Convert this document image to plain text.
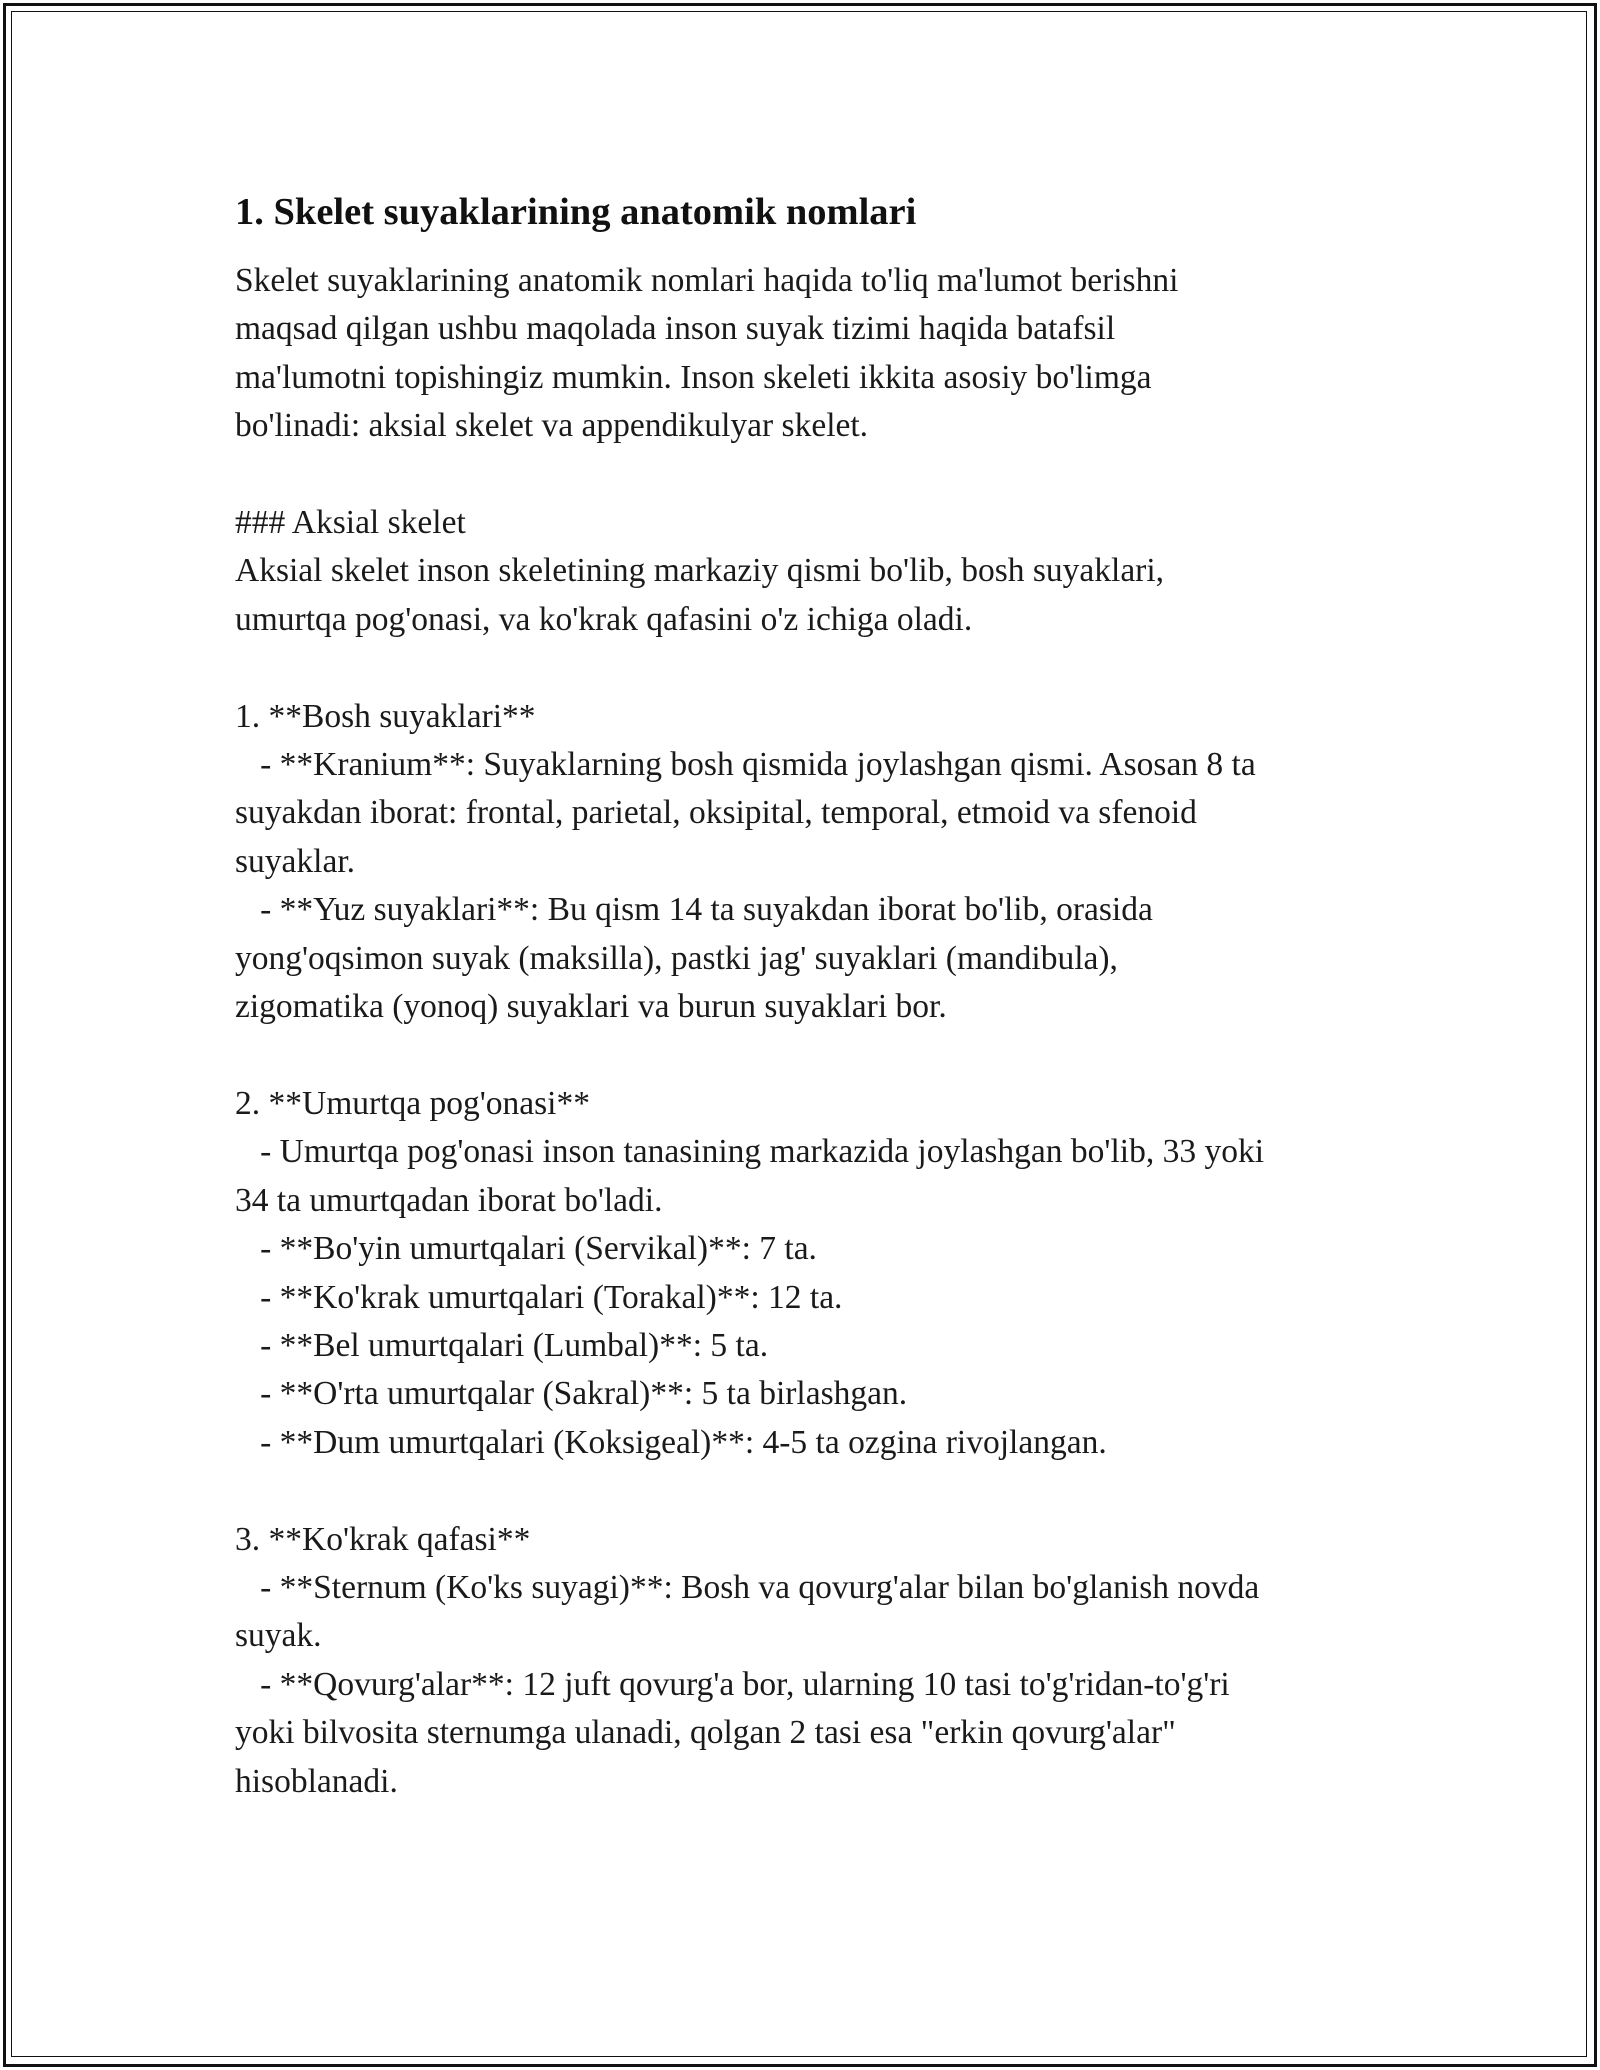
1. Skelet suyaklarining anatomik nomlari
Skelet suyaklarining anatomik nomlari haqida to'liq ma'lumot berishni
maqsad qilgan ushbu maqolada inson suyak tizimi haqida batafsil
ma'lumotni topishingiz mumkin. Inson skeleti ikkita asosiy bo'limga
bo'linadi: aksial skelet va appendikulyar skelet.

### Aksial skelet
Aksial skelet inson skeletining markaziy qismi bo'lib, bosh suyaklari,
umurtqa pog'onasi, va ko'krak qafasini o'z ichiga oladi.

1. **Bosh suyaklari**
- **Kranium**: Suyaklarning bosh qismida joylashgan qismi. Asosan 8 ta
suyakdan iborat: frontal, parietal, oksipital, temporal, etmoid va sfenoid
suyaklar.
- **Yuz suyaklari**: Bu qism 14 ta suyakdan iborat bo'lib, orasida
yong'oqsimon suyak (maksilla), pastki jag' suyaklari (mandibula),
zigomatika (yonoq) suyaklari va burun suyaklari bor.

2. **Umurtqa pog'onasi**
- Umurtqa pog'onasi inson tanasining markazida joylashgan bo'lib, 33 yoki
34 ta umurtqadan iborat bo'ladi.
- **Bo'yin umurtqalari (Servikal)**: 7 ta.
- **Ko'krak umurtqalari (Torakal)**: 12 ta.
- **Bel umurtqalari (Lumbal)**: 5 ta.
- **O'rta umurtqalar (Sakral)**: 5 ta birlashgan.
- **Dum umurtqalari (Koksigeal)**: 4-5 ta ozgina rivojlangan.

3. **Ko'krak qafasi**
- **Sternum (Ko'ks suyagi)**: Bosh va qovurg'alar bilan bo'glanish novda
suyak.
- **Qovurg'alar**: 12 juft qovurg'a bor, ularning 10 tasi to'g'ridan-to'g'ri
yoki bilvosita sternumga ulanadi, qolgan 2 tasi esa "erkin qovurg'alar"
hisoblanadi.
